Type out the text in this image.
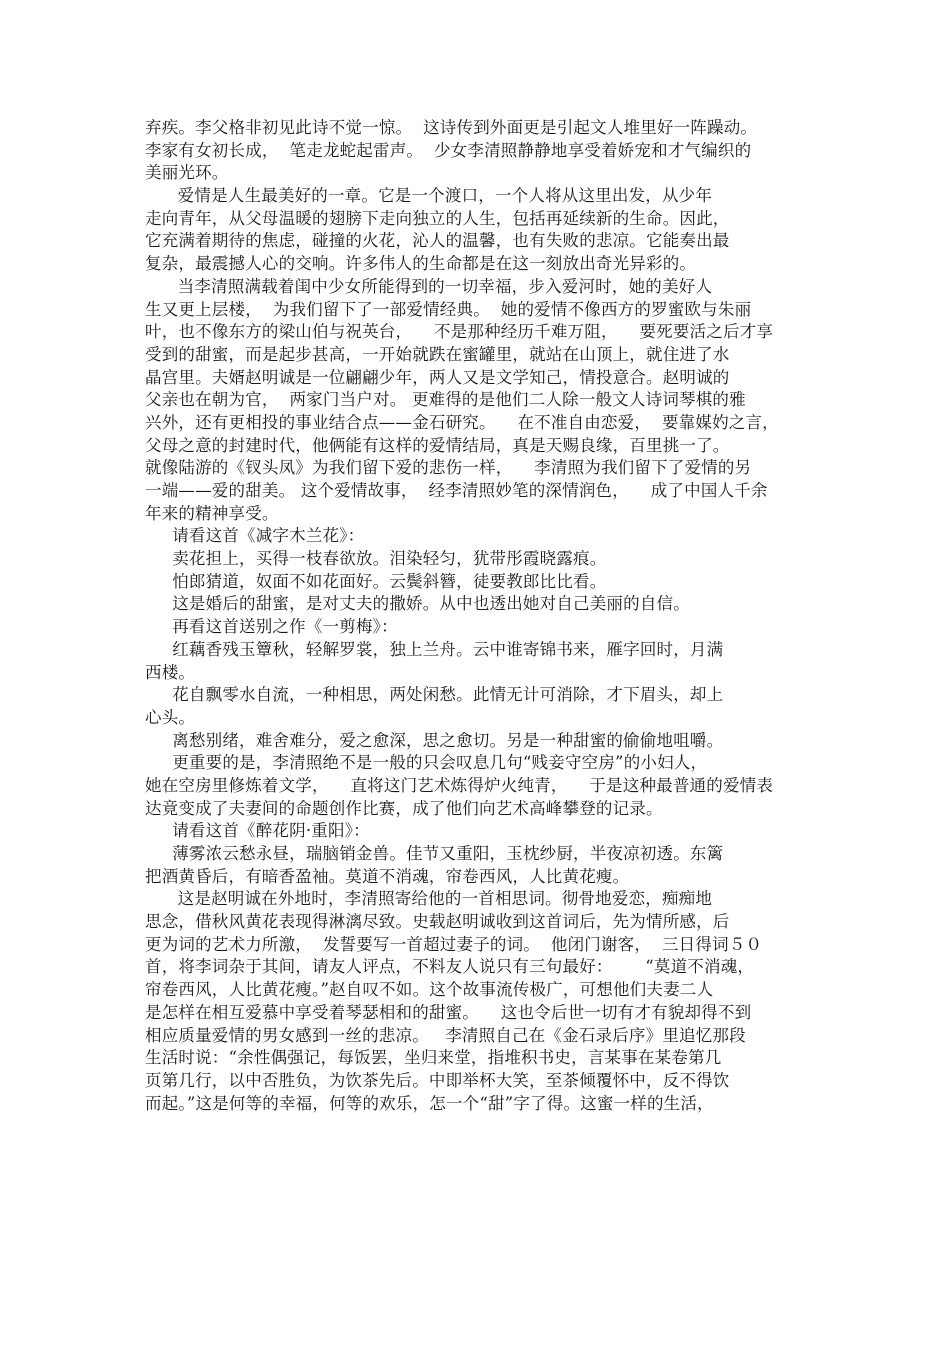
弃疾。李父格非初见此诗不觉一惊。  这诗传到外面更是引起文人堆里好一阵躁动。
李家有女初长成，  笔走龙蛇起雷声。  少女李清照静静地享受着娇宠和才气编织的
美丽光环。
爱情是人生最美好的一章。它是一个渡口，一个人将从这里出发，从少年
走向青年，从父母温暖的翅膀下走向独立的人生，包括再延续新的生命。因此，
它充满着期待的焦虑，碰撞的火花，沁人的温馨，也有失败的悲凉。它能奏出最
复杂，最震撼人心的交响。许多伟人的生命都是在这一刻放出奇光异彩的。
当李清照满载着闺中少女所能得到的一切幸福，步入爱河时，她的美好人
生又更上层楼，  为我们留下了一部爱情经典。  她的爱情不像西方的罗蜜欧与朱丽
叶，也不像东方的梁山伯与祝英台，    不是那种经历千难万阻，    要死要活之后才享
受到的甜蜜，而是起步甚高，一开始就跌在蜜罐里，就站在山顶上，就住进了水
晶宫里。夫婿赵明诚是一位翩翩少年，两人又是文学知己，情投意合。赵明诚的
父亲也在朝为官，  两家门当户对。 更难得的是他们二人除一般文人诗词琴棋的雅
兴外，还有更相投的事业结合点——金石研究。    在不准自由恋爱，  要靠媒妁之言，
父母之意的封建时代，他俩能有这样的爱情结局，真是天赐良缘，百里挑一了。
就像陆游的《钗头凤》为我们留下爱的悲伤一样，    李清照为我们留下了爱情的另
一端——爱的甜美。 这个爱情故事，  经李清照妙笔的深情润色，    成了中国人千余
年来的精神享受。
请看这首《减字木兰花》：
卖花担上，买得一枝春欲放。泪染轻匀，犹带彤霞晓露痕。
怕郎猜道，奴面不如花面好。云鬓斜簪，徒要教郎比比看。
这是婚后的甜蜜，是对丈夫的撒娇。从中也透出她对自己美丽的自信。
再看这首送别之作《一剪梅》：
红藕香残玉簟秋，轻解罗裳，独上兰舟。云中谁寄锦书来，雁字回时，月满
西楼。
花自飘零水自流，一种相思，两处闲愁。此情无计可消除，才下眉头，却上
心头。
离愁别绪，难舍难分，爱之愈深，思之愈切。另是一种甜蜜的偷偷地咀嚼。
更重要的是，李清照绝不是一般的只会叹息几句“贱妾守空房”的小妇人，
她在空房里修炼着文学，    直将这门艺术炼得炉火纯青，    于是这种最普通的爱情表
达竟变成了夫妻间的命题创作比赛，成了他们向艺术高峰攀登的记录。
请看这首《醉花阴·重阳》：
薄雾浓云愁永昼，瑞脑销金兽。佳节又重阳，玉枕纱厨，半夜凉初透。东篱
把酒黄昏后，有暗香盈袖。莫道不消魂，帘卷西风，人比黄花瘦。
这是赵明诚在外地时，李清照寄给他的一首相思词。彻骨地爱恋，痴痴地
思念，借秋风黄花表现得淋漓尽致。史载赵明诚收到这首词后，先为情所感，后
更为词的艺术力所激，  发誓要写一首超过妻子的词。  他闭门谢客，  三日得词５０
首，将李词杂于其间，请友人评点，不料友人说只有三句最好：      “莫道不消魂，
帘卷西风，人比黄花瘦。”赵自叹不如。这个故事流传极广，可想他们夫妻二人
是怎样在相互爱慕中享受着琴瑟相和的甜蜜。    这也令后世一切有才有貌却得不到
相应质量爱情的男女感到一丝的悲凉。   李清照自己在《金石录后序》里追忆那段
生活时说：“余性偶强记，每饭罢，坐归来堂，指堆积书史，言某事在某卷第几
页第几行，以中否胜负，为饮茶先后。中即举杯大笑，至茶倾覆怀中，反不得饮
而起。”这是何等的幸福，何等的欢乐，怎一个“甜”字了得。这蜜一样的生活，
